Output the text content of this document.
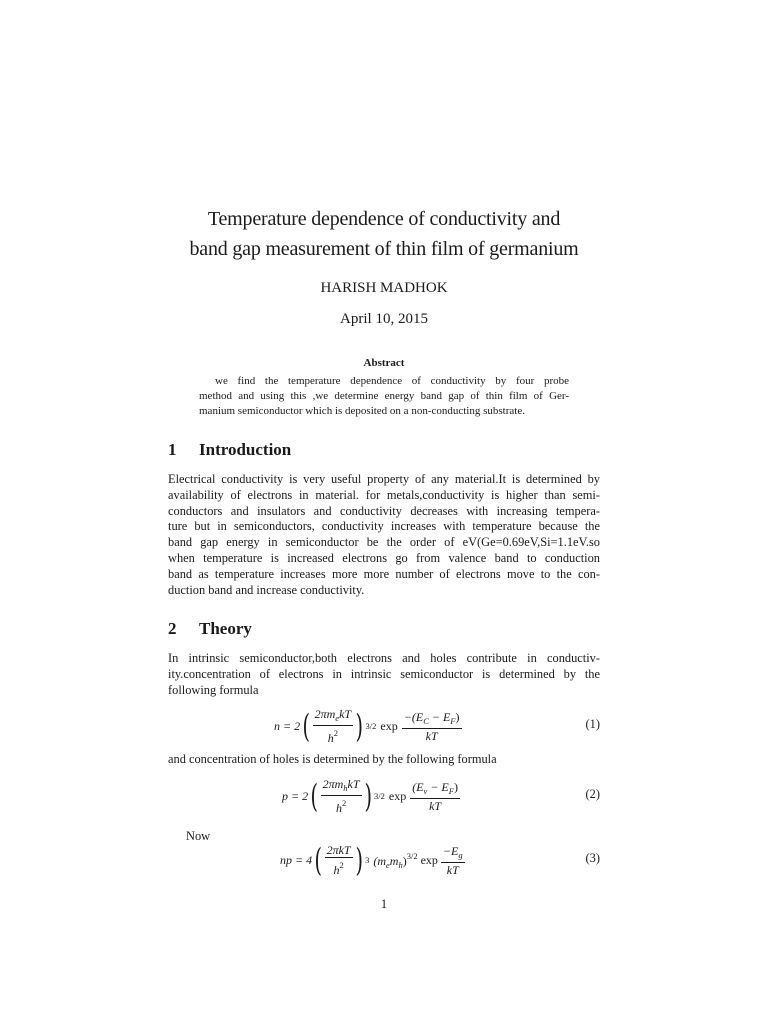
Temperature dependence of conductivity and
band gap measurement of thin film of germanium
HARISH MADHOK
April 10, 2015
Abstract
we find the temperature dependence of conductivity by four probe
method and using this ,we determine energy band gap of thin film of Ger-
manium semiconductor which is deposited on a non-conducting substrate.
1 Introduction
Electrical conductivity is very useful property of any material.It is determined by
availability of electrons in material. for metals,conductivity is higher than semi-
conductors and insulators and conductivity decreases with increasing tempera-
ture but in semiconductors, conductivity increases with temperature because the
band gap energy in semiconductor be the order of eV(Ge=0.69eV,Si=1.1eV.so
when temperature is increased electrons go from valence band to conduction
band as temperature increases more more number of electrons move to the con-
duction band and increase conductivity.
2 Theory
In intrinsic semiconductor,both electrons and holes contribute in conductiv-
ity.concentration of electrons in intrinsic semiconductor is determined by the
following formula
n = 2 ( $\frac{2\pi m_ekT}{h^2}$ ) 3/2 $\exp \frac{-(E_C - E_F)}{kT}$	(1)
and concentration of holes is determined by the following formula
p = 2 ( $\frac{2\pi m_hkT}{h^2}$ ) 3/2 $\exp \frac{(E_v - E_F)}{kT}$	(2)
Now
np = 4 ( $\frac{\text{2πkT}}{h^2}$ ) 3 $(m_em_h)^{3/2}$ $\exp \frac{-E_g}{kT}$	(3)
1
